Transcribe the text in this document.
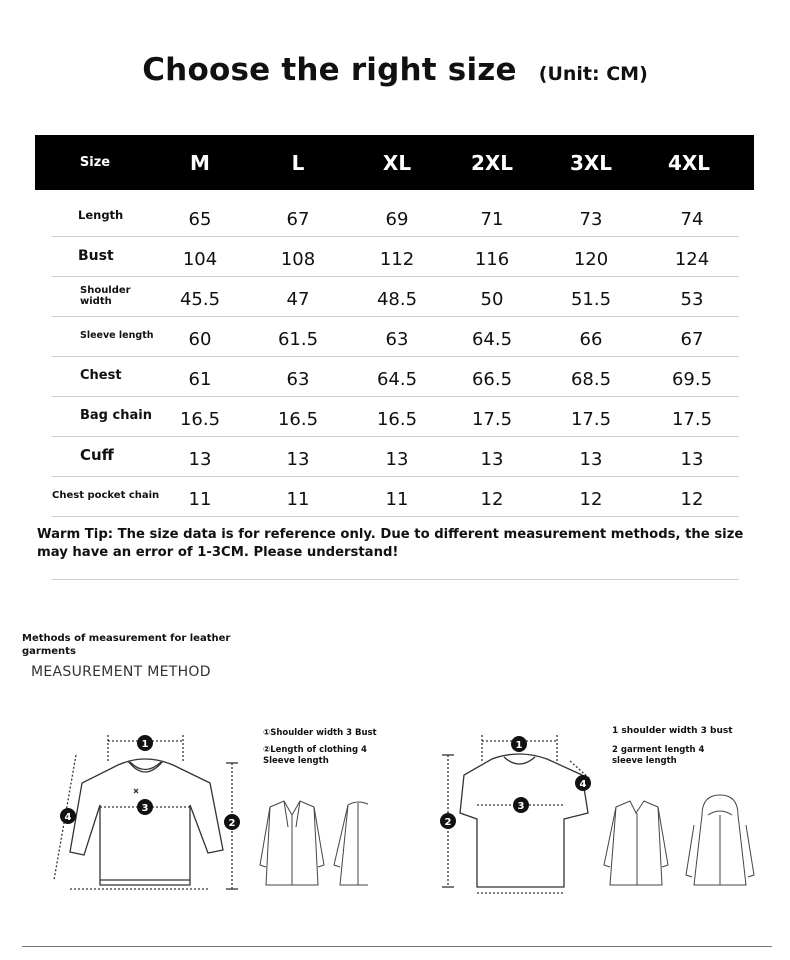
Choose the right size (Unit: CM)
Size	M	L	XL	2XL	3XL	4XL
Length	65	67	69	71	73	74
Bust	104	108	112	116	120	124
Shoulder width	45.5	47	48.5	50	51.5	53
Sleeve length	60	61.5	63	64.5	66	67
Chest	61	63	64.5	66.5	68.5	69.5
Bag chain	16.5	16.5	16.5	17.5	17.5	17.5
Cuff	13	13	13	13	13	13
Chest pocket chain	11	11	11	12	12	12
Warm Tip: The size data is for reference only. Due to different measurement methods, the size may have an error of 1-3CM. Please understand!
Methods of measurement for leather garments
MEASUREMENT METHOD
1
3
2
4
①Shoulder width 3 Bust
②Length of clothing 4 Sleeve length
1
3
2
4
1 shoulder width 3 bust
2 garment length 4 sleeve length
